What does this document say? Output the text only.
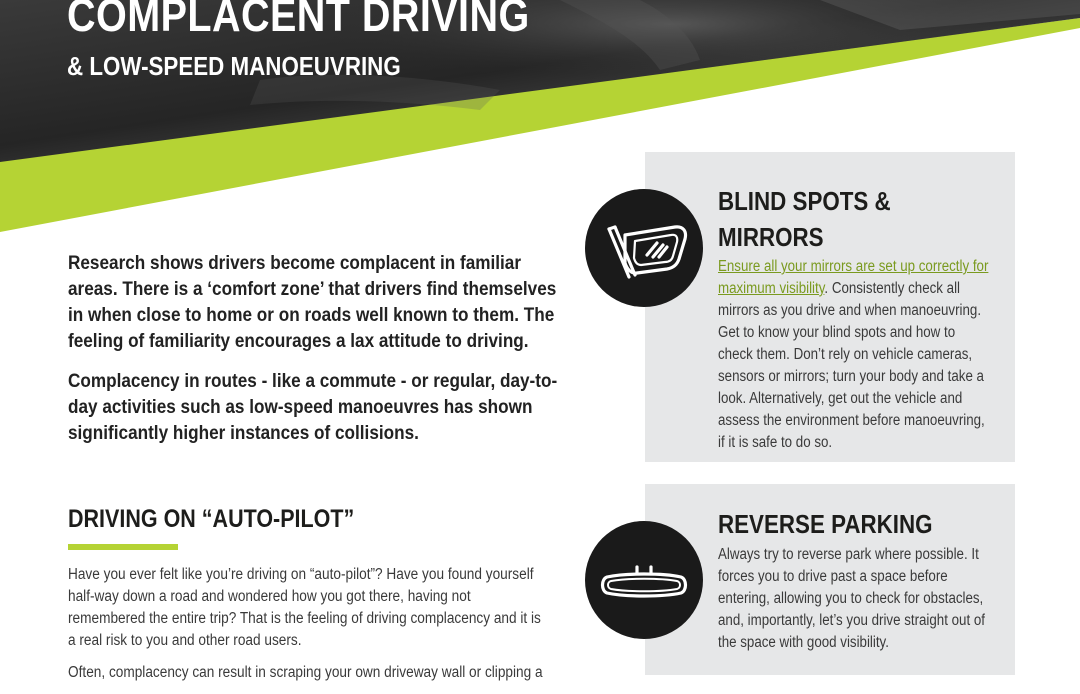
COMPLACENT DRIVING
& LOW-SPEED MANOEUVRING

Research shows drivers become complacent in familiar areas. There is a ‘comfort zone’ that drivers find themselves in when close to home or on roads well known to them. The feeling of familiarity encourages a lax attitude to driving.

Complacency in routes - like a commute - or regular, day-to-day activities such as low-speed manoeuvres has shown significantly higher instances of collisions.

DRIVING ON “AUTO-PILOT”

Have you ever felt like you’re driving on “auto-pilot”? Have you found yourself half-way down a road and wondered how you got there, having not remembered the entire trip? That is the feeling of driving complacency and it is a real risk to you and other road users.

Often, complacency can result in scraping your own driveway wall or clipping a

BLIND SPOTS & MIRRORS
Ensure all your mirrors are set up correctly for maximum visibility. Consistently check all mirrors as you drive and when manoeuvring. Get to know your blind spots and how to check them. Don’t rely on vehicle cameras, sensors or mirrors; turn your body and take a look. Alternatively, get out the vehicle and assess the environment before manoeuvring, if it is safe to do so.
REVERSE PARKING
Always try to reverse park where possible. It forces you to drive past a space before entering, allowing you to check for obstacles, and, importantly, let’s you drive straight out of the space with good visibility.
